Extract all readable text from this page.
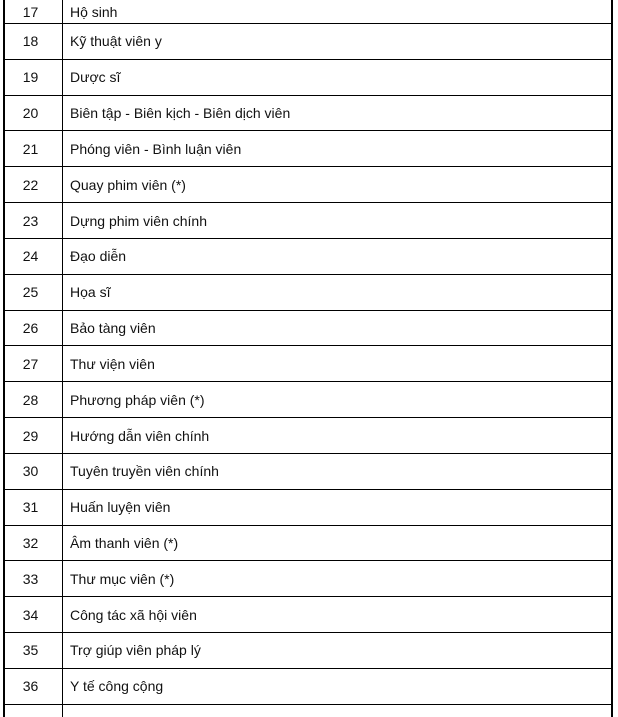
17 Hộ sinh
18 Kỹ thuật viên y
19 Dược sĩ
20 Biên tập - Biên kịch - Biên dịch viên
21 Phóng viên - Bình luận viên
22 Quay phim viên (*)
23 Dựng phim viên chính
24 Đạo diễn
25 Họa sĩ
26 Bảo tàng viên
27 Thư viện viên
28 Phương pháp viên (*)
29 Hướng dẫn viên chính
30 Tuyên truyền viên chính
31 Huấn luyện viên
32 Âm thanh viên (*)
33 Thư mục viên (*)
34 Công tác xã hội viên
35 Trợ giúp viên pháp lý
36 Y tế công cộng
